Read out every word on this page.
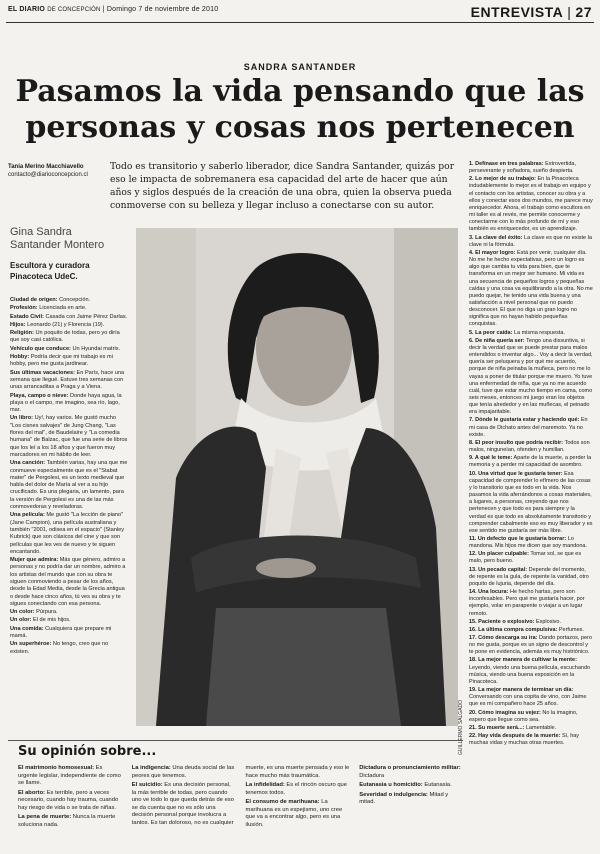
EL DIARIO DE CONCEPCIÓN | Domingo 7 de noviembre de 2010	ENTREVISTA | 27
SANDRA SANTANDER
Pasamos la vida pensando que las
personas y cosas nos pertenecen
Tania Merino Macchiavello
contacto@diarioconcepcion.cl
Todo es transitorio y saberlo liberador, dice Sandra Santander, quizás por eso le impacta de sobremanera esa capacidad del arte de hacer que aún años y siglos después de la creación de una obra, quien la observa pueda conmoverse con su belleza y llegar incluso a conectarse con su autor.
Gina Sandra
Santander Montero
Escultora y curadora
Pinacoteca UdeC.

Ciudad de origen: Concepción.

Profesión: Licenciada en arte.

Estado Civil: Casada con Jaime Pérez Darlas.

Hijos: Leonardo (21) y Florencia (19).

Religión: Un poquito de todas, pero yo diría que soy casi católica.

Vehículo que conduce: Un Hyundai matrix.

Hobby: Podría decir que mi trabajo es mi hobby, pero me gusta jardinear.

Sus últimas vacaciones: En París, hace una semana que llegué. Estuve tres semanas con unas arrancaditas a Praga y a Viena.

Playa, campo o nieve: Donde haya agua, la playa o el campo, me imagino, sea río, lago, mar.

Un libro: Uy!, hay varios. Me gustó mucho "Los cisnes salvajes" de Jung Chang, "Las flores del mal", de Baudelaire y "La comedia humana" de Balzac, que fue una serie de libros que los leí a los 18 años y que fueron muy marcadores en mi hábito de leer.

Una canción: También varias, hay una que me conmueve especialmente que es el "Stabat mater" de Pergolesi, es un texto medieval que habla del dolor de María al ver a su hijo crucificado. Es una plegaria, un lamento, para la versión de Pergolesi es una de las más conmovedoras y reveladoras.

Una película: Me gustó "La lección de piano" (Jane Campion), una película australiana y también "2001, odisea en el espacio" (Stanley Kubrick) que son clásicos del cine y que son películas que les ves de nuevo y te siguen encantando.

Mujer que admira: Más que género, admiro a personas y no podría dar un nombre, admiro a los artistas del mundo que con su obra te siguen conmoviendo a pesar de los años, desde la Edad Media, desde la Grecia antigua o desde hace cinco años, tú ves su obra y te sigues conectando con esa persona.

Un color: Púrpura.

Un olor: El de mis hijos.

Una comida: Cualquiera que prepare mi mamá.

Un superhéroe: No tengo, creo que no existen.

GUILLERMO SALGADO

1. Defínase en tres palabras: Extrovertida, perseverante y soñadora, sueño despierta.

2. Lo mejor de su trabajo: En la Pinacoteca indudablemente lo mejor es el trabajo en equipo y el contacto con los artistas, conocer su obra y a ellos y conectar esos dos mundos, me parece muy enriquecedor. Ahora, el trabajo como escultora en mi taller es al revés, me permite conocerme y conectarme con lo más profundo de mí y eso también es enriquecedor, es un aprendizaje.

3. La clave del éxito: La clave es que no existe la clave ni la fórmula.

4. El mayor logro: Está por venir, cualquier día. No me he hecho expectativas, pero un logro es algo que cambia tu vida para bien, que te transforma en un mejor ser humano. Mi vida es una secuencia de pequeños logros y pequeñas caídas y una cosa va equilibrando a la otra. No me puedo quejar, he tenido una vida buena y una satisfacción a nivel personal que no puedo desconocer. El que no diga un gran logro no significa que no hayan habido pequeñas conquistas.

5. La peor caída: La misma respuesta.

6. De niña quería ser: Tengo una dissuntiva, si decir la verdad que se puede prestar para malos entendidos o inventar algo... Voy a decir la verdad, quería ser peluquera y por qué me acuerdo, porque de niña peinaba la muñeca, pero no me lo vayas a poner de titular porque me muero. Yo tuve una enfermedad de niña, que ya no me acuerdo cuál, tuve que estar mucho tiempo en cama, como seis meses, entonces mi juego eran los objetos que tenía alrededor y en las muñecas, el peinado era impajaritable.

7. Dónde le gustaría estar y haciendo qué: En mi casa de Dichato antes del maremoto. Ya no existe.

8. El peor insulto que podría recibir: Todos son malos, ninguneían, ofenden y humillan.

9. A qué le teme: Aparte de la muerte, a perder la memoria y a perder mi capacidad de asombro.

10. Una virtud que le gustaría tener: Esa capacidad de comprender lo efímero de las cosas y lo transitorio que es todo en la vida. Nos pasamos la vida aferrándonos a cosas materiales, a lugares, a personas, creyendo que nos pertenecen y que todo es para siempre y la verdad es que todo es absolutamente transitorio y comprender cabalmente eso es muy liberador y es ese sentido me gustaría ser más libre.

11. Un defecto que le gustaría borrar: Lo mandona. Mis hijos me dicen que soy mandona.

12. Un placer culpable: Tomar sol, se que es malo, pero bueno.

13. Un pecado capital: Depende del momento, de repente es la gula, de repente la vanidad, otro poquito de lujuria, depende del día.

14. Una locura: He hecho hartas, pero son inconfesables. Pero qué me gustaría hacer, por ejemplo, volar en parapente o viajar a un lugar remoto.

15. Paciente o explosivo: Explosivo.

16. La última compra compulsiva: Perfumes.

17. Cómo descarga su ira: Dando portazos, pero no me gusta, porque es un signo de descontrol y te pone en evidencia, además es muy histriónico.

18. La mejor manera de cultivar la mente: Leyendo, viendo una buena película, escuchando música, viendo una buena exposición en la Pinacoteca.

19. La mejor manera de terminar un día: Conversando con una copita de vino, con Jaime que es mi compañero hace 25 años.

20. Cómo imagina su vejez: No la imagino, espero que llegue como sea.

21. Su muerte será...: Lamentable.

22. Hay vida después de la muerte: Sí, hay muchas vidas y muchas otras muertes.

Su opinión sobre...

El matrimonio homosexual: Es urgente legislar, independiente de como se llame.

El aborto: Es terrible, pero a veces necesario, cuando hay trauma, cuando hay riesgo de vida o se trata de niñas.

La pena de muerte: Nunca la muerte soluciona nada.

La indigencia: Una deuda social de las peores que tenemos.

El suicidio: Es una decisión personal, la más terrible de todas, pero cuando uno ve todo lo que queda detrás de eso se da cuenta que no es sólo una decisión personal porque involucra a tantos. Es tan doloroso, no es cualquier muerte, es una muerte pensada y eso le hace mucho más traumática.

La infidelidad: Es el rincón oscuro que tenemos todos.

El consumo de marihuana: La marihuana es un espejismo, uno cree que va a encontrar algo, pero es una ilusión.

Dictadura o pronunciamiento militar: Dictadura

Eutanasia u homicidio: Eutanasia.

Severidad o indulgencia: Mitad y mitad.
